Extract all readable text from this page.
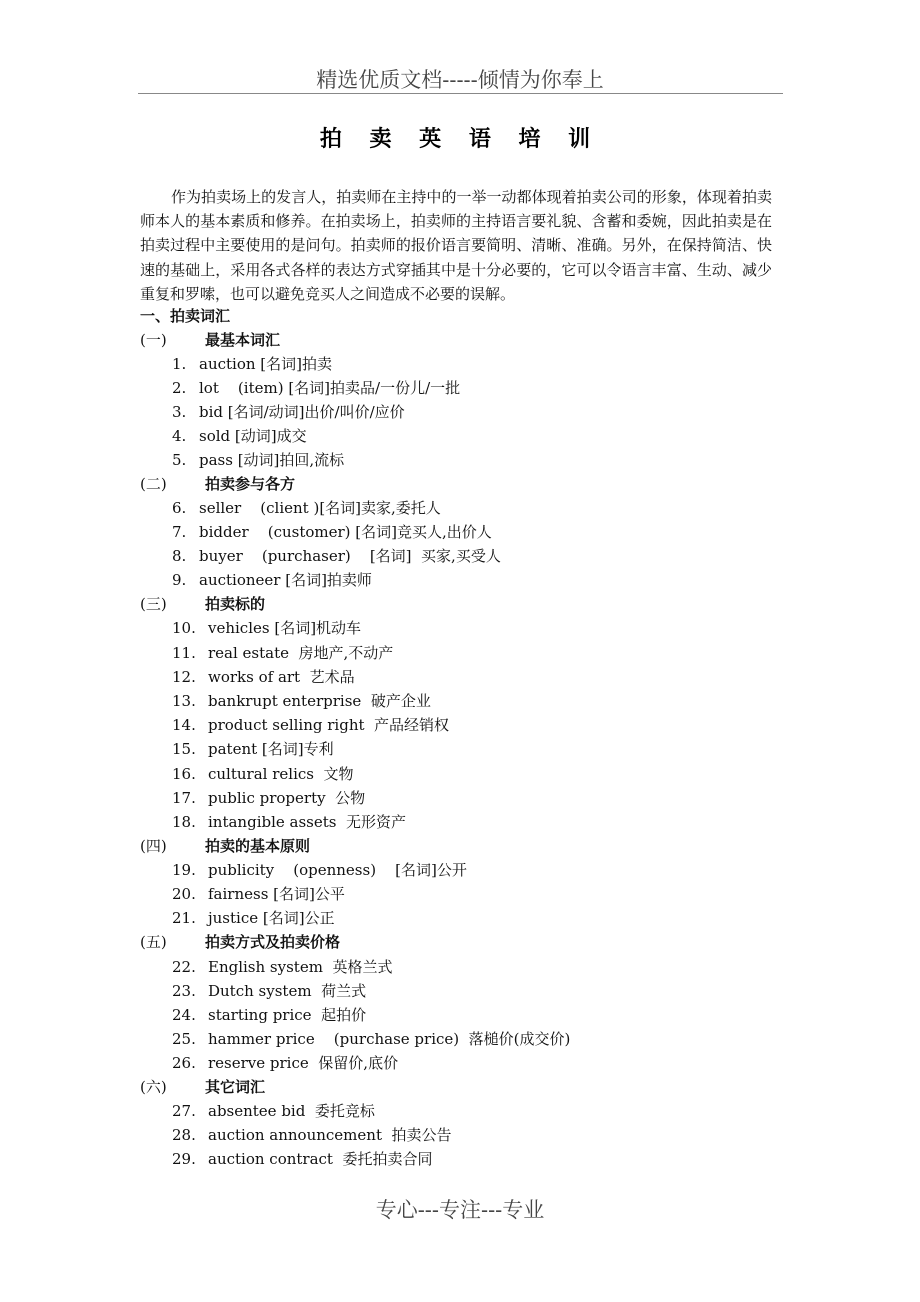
精选优质文档-----倾情为你奉上
拍 卖 英 语 培 训

作为拍卖场上的发言人，拍卖师在主持中的一举一动都体现着拍卖公司的形象，体现着拍卖师本人的基本素质和修养。在拍卖场上，拍卖师的主持语言要礼貌、含蓄和委婉，因此拍卖是在拍卖过程中主要使用的是问句。拍卖师的报价语言要简明、清晰、准确。另外，在保持简洁、快速的基础上，采用各式各样的表达方式穿插其中是十分必要的，它可以令语言丰富、生动、减少重复和罗嗦，也可以避免竞买人之间造成不必要的误解。

一、拍卖词汇
(一)	最基本词汇
1. auction [名词]拍卖
2. lot    (item) [名词]拍卖品/一份儿/一批
3. bid [名词/动词]出价/叫价/应价
4. sold [动词]成交
5. pass [动词]拍回,流标
(二)	拍卖参与各方
6. seller    (client )[名词]卖家,委托人
7. bidder    (customer) [名词]竞买人,出价人
8. buyer    (purchaser)    [名词]  买家,买受人
9. auctioneer [名词]拍卖师
(三)	拍卖标的
10. vehicles [名词]机动车
11. real estate  房地产,不动产
12. works of art  艺术品
13. bankrupt enterprise  破产企业
14. product selling right  产品经销权
15. patent [名词]专利
16. cultural relics  文物
17. public property  公物
18. intangible assets  无形资产
(四)	拍卖的基本原则
19. publicity    (openness)    [名词]公开
20. fairness [名词]公平
21. justice [名词]公正
(五)	拍卖方式及拍卖价格
22. English system  英格兰式
23. Dutch system  荷兰式
24. starting price  起拍价
25. hammer price    (purchase price)  落槌价(成交价)
26. reserve price  保留价,底价
(六)	其它词汇
27. absentee bid  委托竞标
28. auction announcement  拍卖公告
29. auction contract  委托拍卖合同
专心---专注---专业
